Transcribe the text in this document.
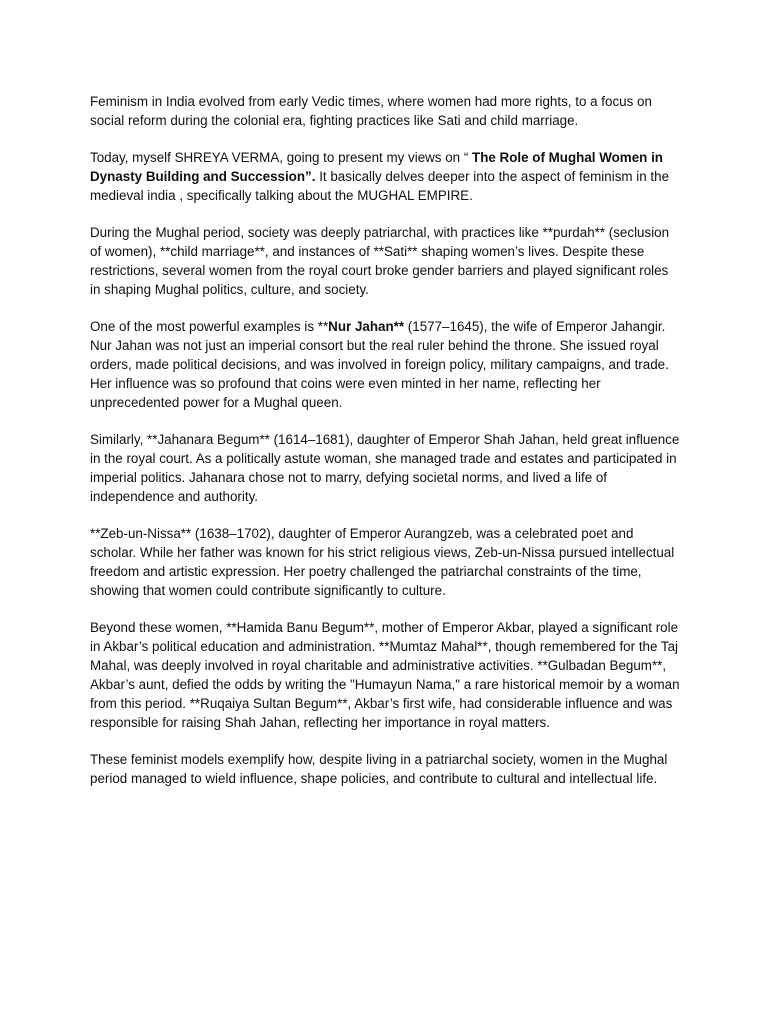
Feminism in India evolved from early Vedic times, where women had more rights, to a focus on social reform during the colonial era, fighting practices like Sati and child marriage.

Today, myself SHREYA VERMA, going to present my views on “ The Role of Mughal Women in Dynasty Building and Succession”. It basically delves deeper into the aspect of feminism in the medieval india , specifically talking about the MUGHAL EMPIRE.

During the Mughal period, society was deeply patriarchal, with practices like **purdah** (seclusion of women), **child marriage**, and instances of **Sati** shaping women’s lives. Despite these restrictions, several women from the royal court broke gender barriers and played significant roles in shaping Mughal politics, culture, and society.

One of the most powerful examples is **Nur Jahan** (1577–1645), the wife of Emperor Jahangir. Nur Jahan was not just an imperial consort but the real ruler behind the throne. She issued royal orders, made political decisions, and was involved in foreign policy, military campaigns, and trade. Her influence was so profound that coins were even minted in her name, reflecting her unprecedented power for a Mughal queen.

Similarly, **Jahanara Begum** (1614–1681), daughter of Emperor Shah Jahan, held great influence in the royal court. As a politically astute woman, she managed trade and estates and participated in imperial politics. Jahanara chose not to marry, defying societal norms, and lived a life of independence and authority.

**Zeb-un-Nissa** (1638–1702), daughter of Emperor Aurangzeb, was a celebrated poet and scholar. While her father was known for his strict religious views, Zeb-un-Nissa pursued intellectual freedom and artistic expression. Her poetry challenged the patriarchal constraints of the time, showing that women could contribute significantly to culture.

Beyond these women, **Hamida Banu Begum**, mother of Emperor Akbar, played a significant role in Akbar’s political education and administration. **Mumtaz Mahal**, though remembered for the Taj Mahal, was deeply involved in royal charitable and administrative activities. **Gulbadan Begum**, Akbar’s aunt, defied the odds by writing the "Humayun Nama," a rare historical memoir by a woman from this period. **Ruqaiya Sultan Begum**, Akbar’s first wife, had considerable influence and was responsible for raising Shah Jahan, reflecting her importance in royal matters.

These feminist models exemplify how, despite living in a patriarchal society, women in the Mughal period managed to wield influence, shape policies, and contribute to cultural and intellectual life.
